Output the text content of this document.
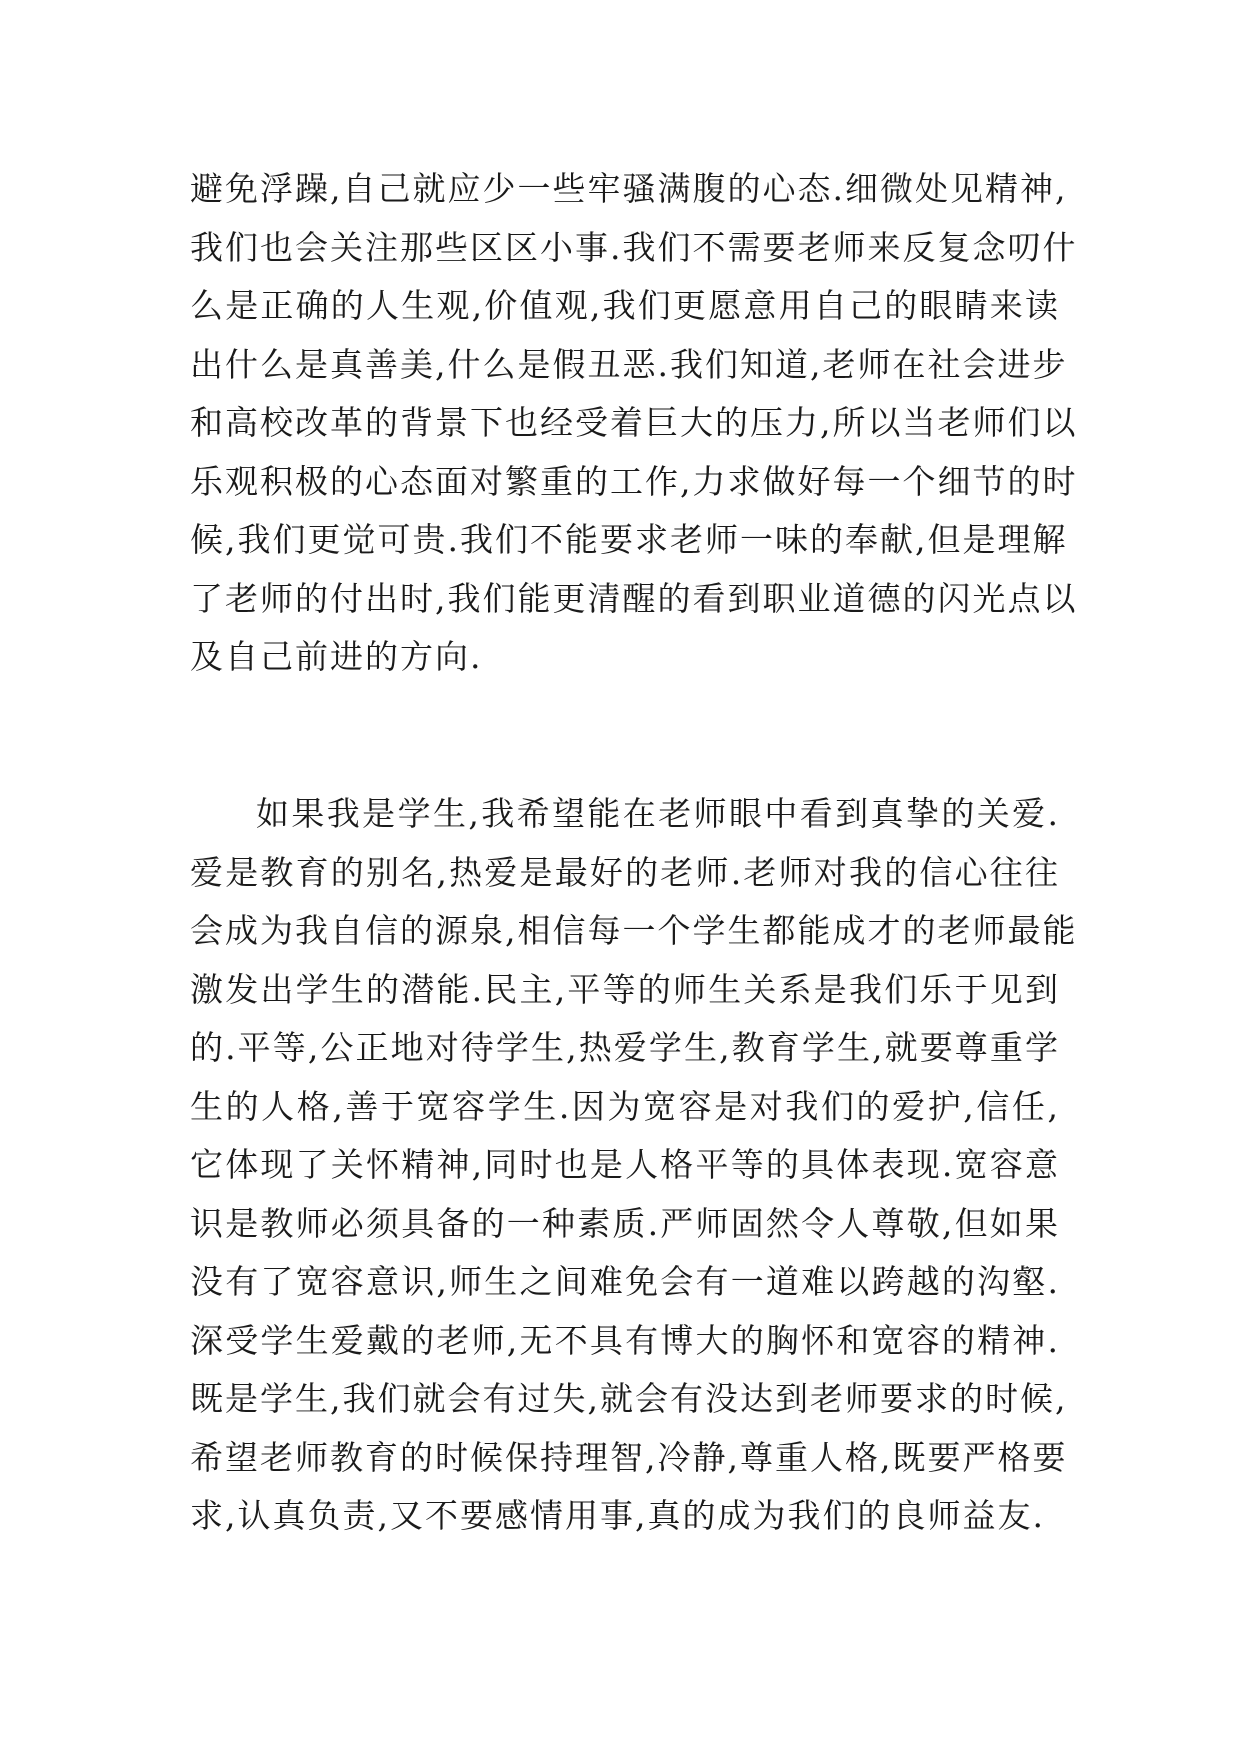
避免浮躁,自己就应少一些牢骚满腹的心态.细微处见精神,
我们也会关注那些区区小事.我们不需要老师来反复念叨什
么是正确的人生观,价值观,我们更愿意用自己的眼睛来读
出什么是真善美,什么是假丑恶.我们知道,老师在社会进步
和高校改革的背景下也经受着巨大的压力,所以当老师们以
乐观积极的心态面对繁重的工作,力求做好每一个细节的时
候,我们更觉可贵.我们不能要求老师一味的奉献,但是理解
了老师的付出时,我们能更清醒的看到职业道德的闪光点以
及自己前进的方向.
如果我是学生,我希望能在老师眼中看到真挚的关爱.
爱是教育的别名,热爱是最好的老师.老师对我的信心往往
会成为我自信的源泉,相信每一个学生都能成才的老师最能
激发出学生的潜能.民主,平等的师生关系是我们乐于见到
的.平等,公正地对待学生,热爱学生,教育学生,就要尊重学
生的人格,善于宽容学生.因为宽容是对我们的爱护,信任,
它体现了关怀精神,同时也是人格平等的具体表现.宽容意
识是教师必须具备的一种素质.严师固然令人尊敬,但如果
没有了宽容意识,师生之间难免会有一道难以跨越的沟壑.
深受学生爱戴的老师,无不具有博大的胸怀和宽容的精神.
既是学生,我们就会有过失,就会有没达到老师要求的时候,
希望老师教育的时候保持理智,冷静,尊重人格,既要严格要
求,认真负责,又不要感情用事,真的成为我们的良师益友.
